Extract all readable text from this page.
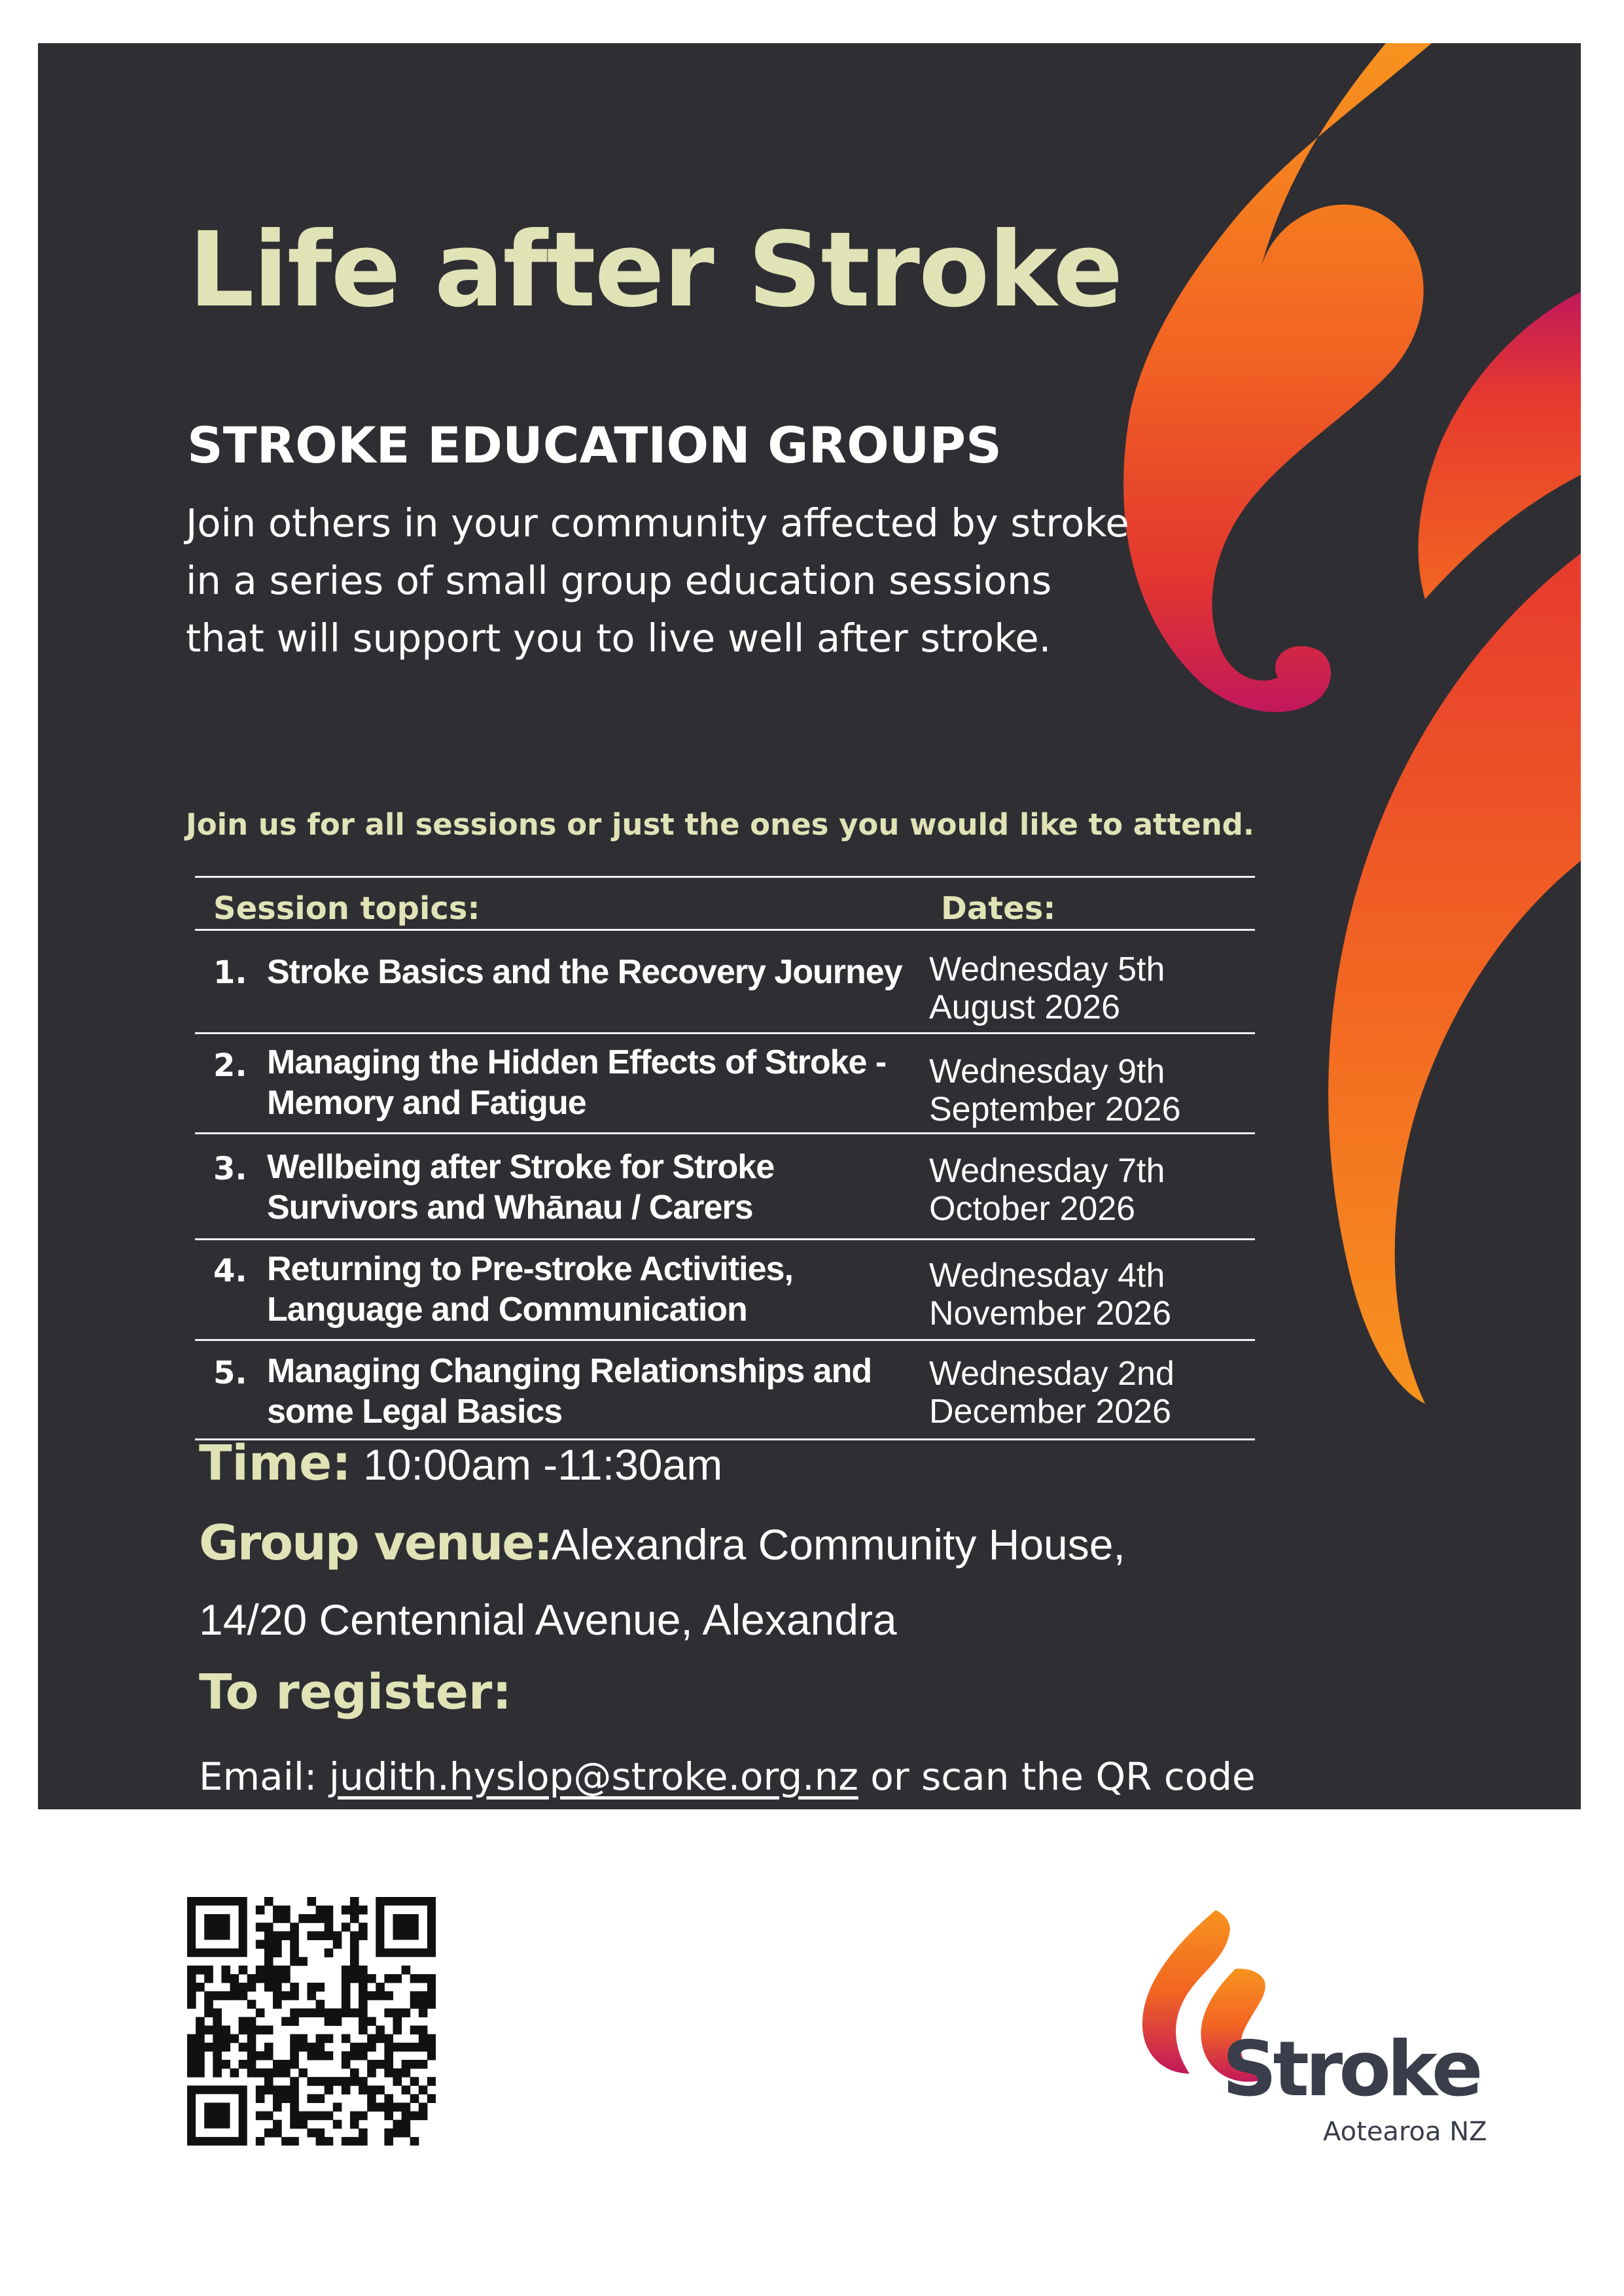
Life after Stroke
STROKE EDUCATION GROUPS

Join others in your community affected by stroke in a series of small group education sessions that will support you to live well after stroke.

Join us for all sessions or just the ones you would like to attend.

Session topics:	Dates:
1. Stroke Basics and the Recovery Journey Wednesday 5th August 2026
2. Managing the Hidden Effects of Stroke - Memory and Fatigue
Wednesday 9th September 2026
3. Wellbeing after Stroke for Stroke Survivors and Whānau / Carers
Wednesday 7th October 2026
4. Returning to Pre-stroke Activities, Language and Communication
Wednesday 4th November 2026
5. Managing Changing Relationships and some Legal Basics
Wednesday 2nd December 2026

Time: 10:00am -11:30am

Group venue:Alexandra Community House,

14/20 Centennial Avenue, Alexandra

To register:

Email: judith.hyslop@stroke.org.nz or scan the QR code

Stroke

Aotearoa NZ
